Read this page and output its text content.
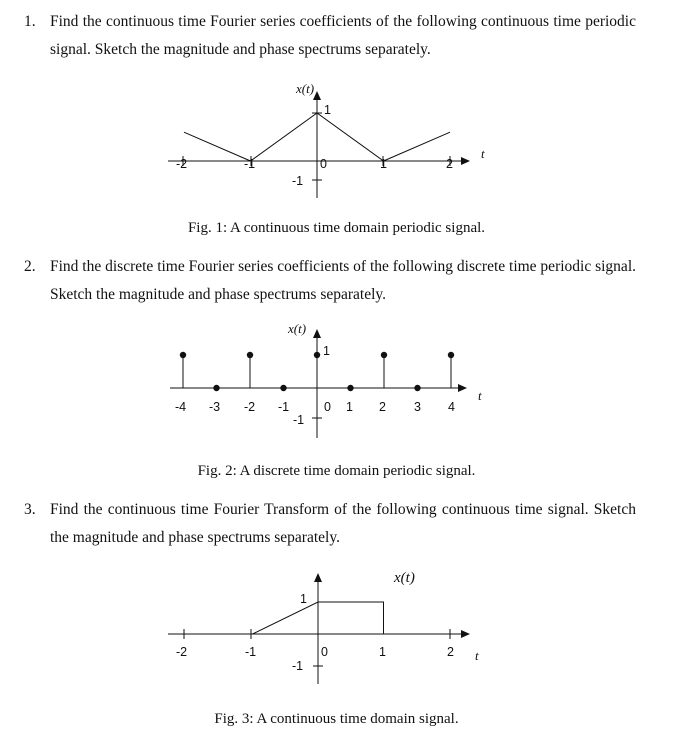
1. Find the continuous time Fourier series coefficients of the following continuous time periodic signal. Sketch the magnitude and phase spectrums separately.
x(t)
t
1
-1
-2	-1	0	1	2
Fig. 1: A continuous time domain periodic signal.
2. Find the discrete time Fourier series coefficients of the following discrete time periodic signal. Sketch the magnitude and phase spectrums separately.
x(t)
t
1
-1
-4 -3 -2 -1	0 1 2 3 4
Fig. 2: A discrete time domain periodic signal.
3. Find the continuous time Fourier Transform of the following continuous time signal. Sketch the magnitude and phase spectrums separately.
x(t)
t
1
-1
-2	-1	0	1	2
Fig. 3: A continuous time domain signal.
